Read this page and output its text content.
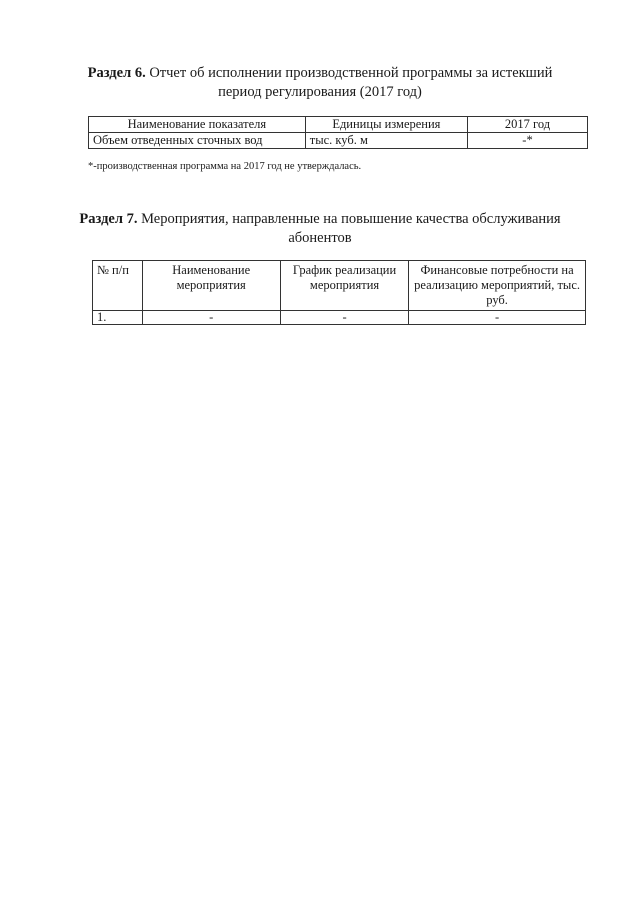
Раздел 6. Отчет об исполнении производственной программы за истекший период регулирования (2017 год)
Наименование показателя	Единицы измерения	2017 год
Объем отведенных сточных вод	тыс. куб. м	-*
*-производственная программа на 2017 год не утверждалась.
Раздел 7. Мероприятия, направленные на повышение качества обслуживания абонентов
№ п/п	Наименование мероприятия	График реализации мероприятия	Финансовые потребности на реализацию мероприятий, тыс. руб.
1.	-	-	-
